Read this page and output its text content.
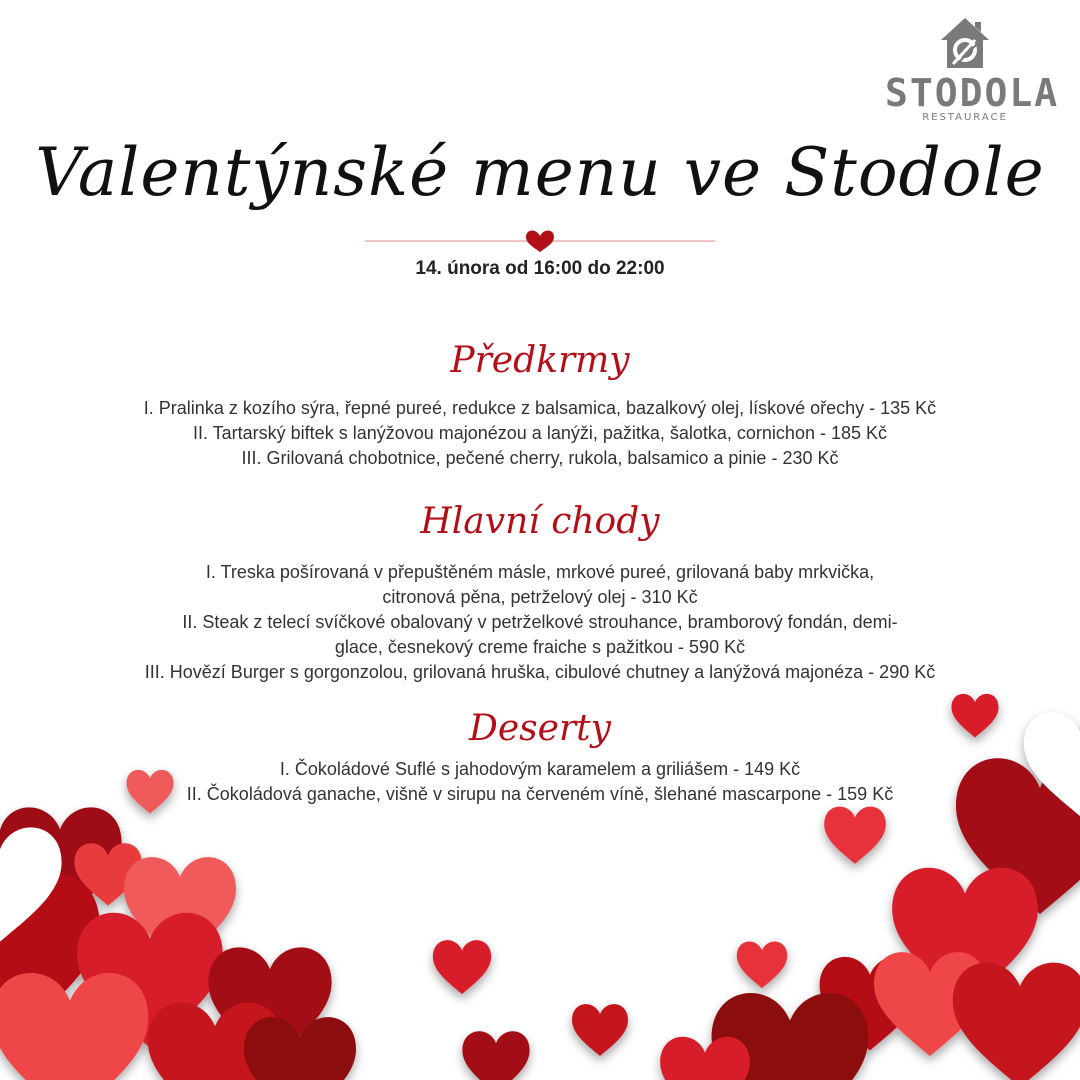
STODOLA
RESTAURACE
Valentýnské menu ve Stodole
14. února od 16:00 do 22:00
Předkrmy
I. Pralinka z kozího sýra, řepné pureé, redukce z balsamica, bazalkový olej, lískové ořechy - 135 Kč
II. Tartarský biftek s lanýžovou majonézou a lanýži, pažitka, šalotka, cornichon - 185 Kč
III. Grilovaná chobotnice, pečené cherry, rukola, balsamico a pinie - 230 Kč
Hlavní chody
I. Treska pošírovaná v přepuštěném másle, mrkové pureé, grilovaná baby mrkvička, citronová pěna, petrželový olej - 310 Kč
II. Steak z telecí svíčkové obalovaný v petrželkové strouhance, bramborový fondán, demi-glace, česnekový creme fraiche s pažitkou - 590 Kč
III. Hovězí Burger s gorgonzolou, grilovaná hruška, cibulové chutney a lanýžová majonéza - 290 Kč
Deserty
I. Čokoládové Suflé s jahodovým karamelem a griliášem - 149 Kč
II. Čokoládová ganache, višně v sirupu na červeném víně, šlehané mascarpone - 159 Kč
